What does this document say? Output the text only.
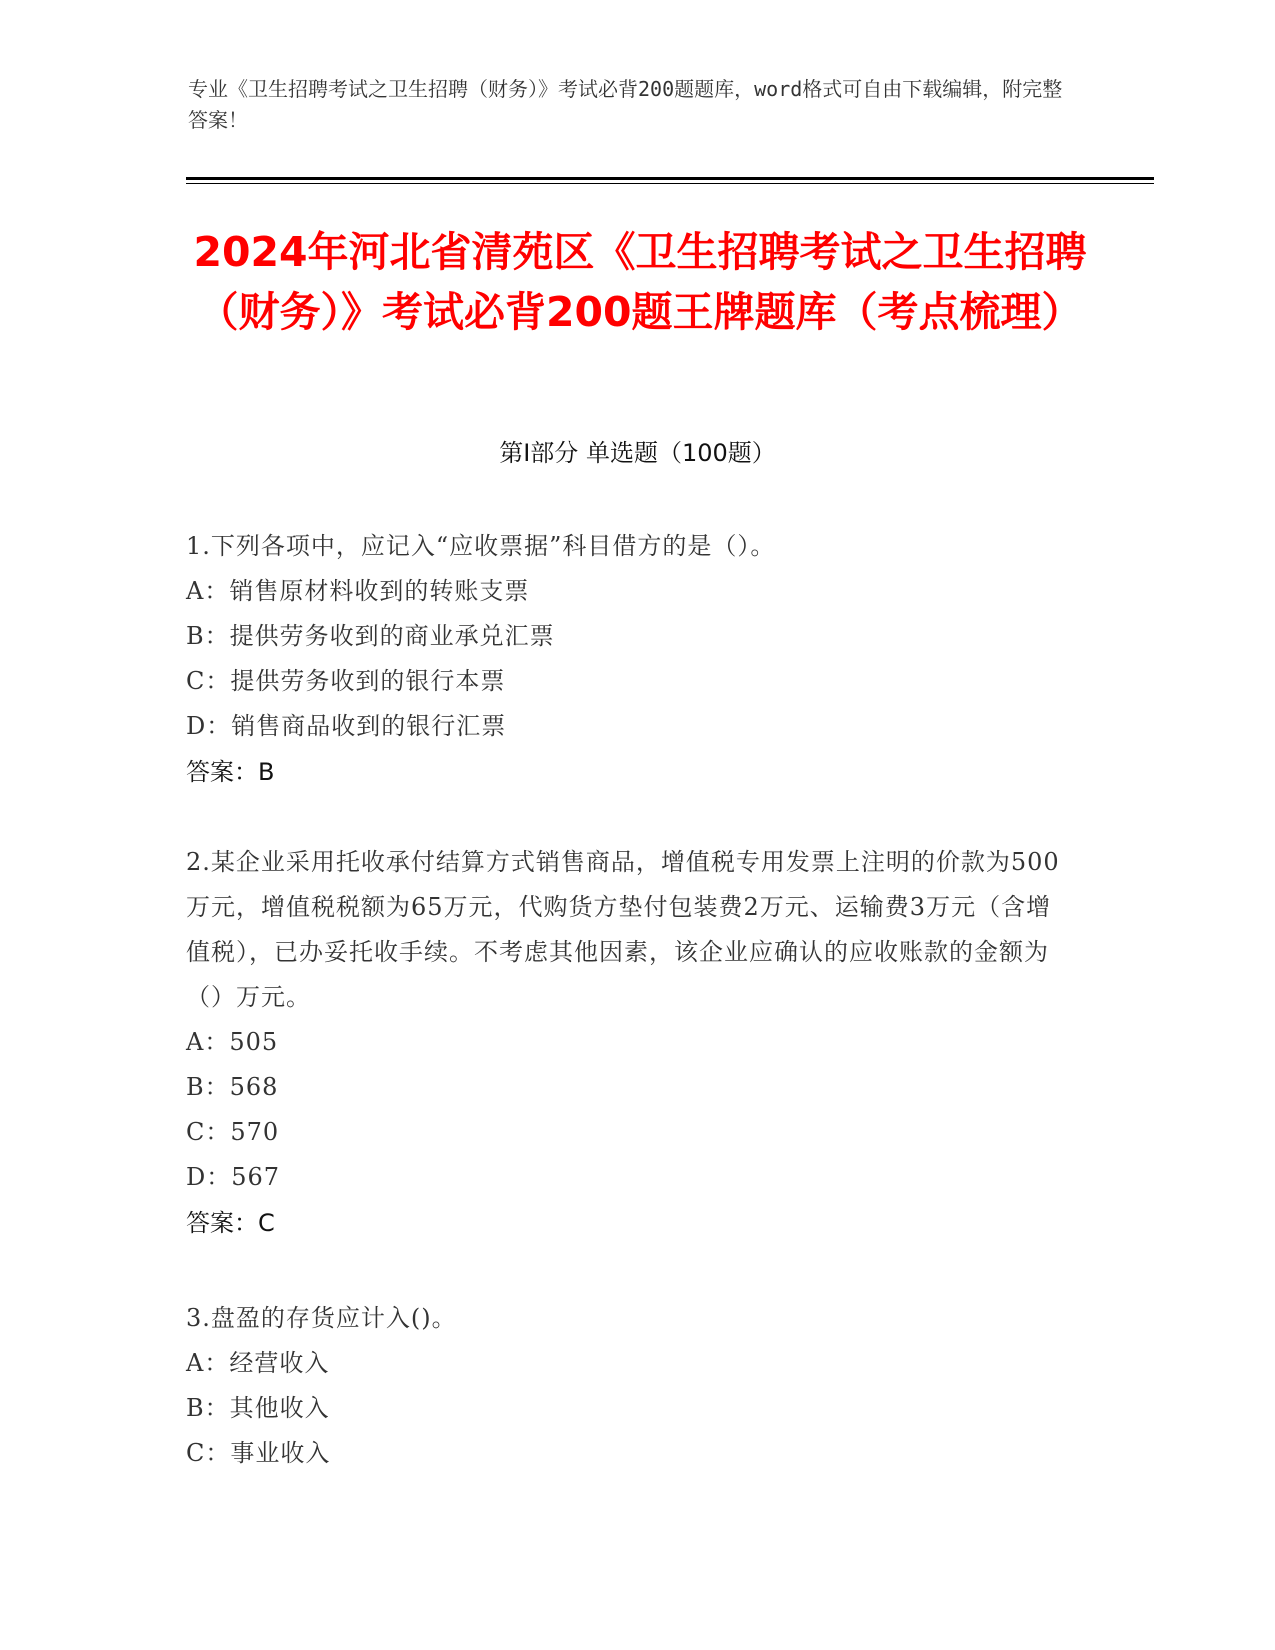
专业《卫生招聘考试之卫生招聘（财务）》考试必背200题题库，word格式可自由下载编辑，附完整答案！
2024年河北省清苑区《卫生招聘考试之卫生招聘（财务）》考试必背200题王牌题库（考点梳理）
第Ⅰ部分 单选题（100题）
1.下列各项中，应记入“应收票据”科目借方的是（）。
A：销售原材料收到的转账支票
B：提供劳务收到的商业承兑汇票
C：提供劳务收到的银行本票
D：销售商品收到的银行汇票
答案：B
2.某企业采用托收承付结算方式销售商品，增值税专用发票上注明的价款为500万元，增值税税额为65万元，代购货方垫付包装费2万元、运输费3万元（含增值税），已办妥托收手续。不考虑其他因素，该企业应确认的应收账款的金额为（）万元。
A：505
B：568
C：570
D：567
答案：C
3.盘盈的存货应计入()。
A：经营收入
B：其他收入
C：事业收入
